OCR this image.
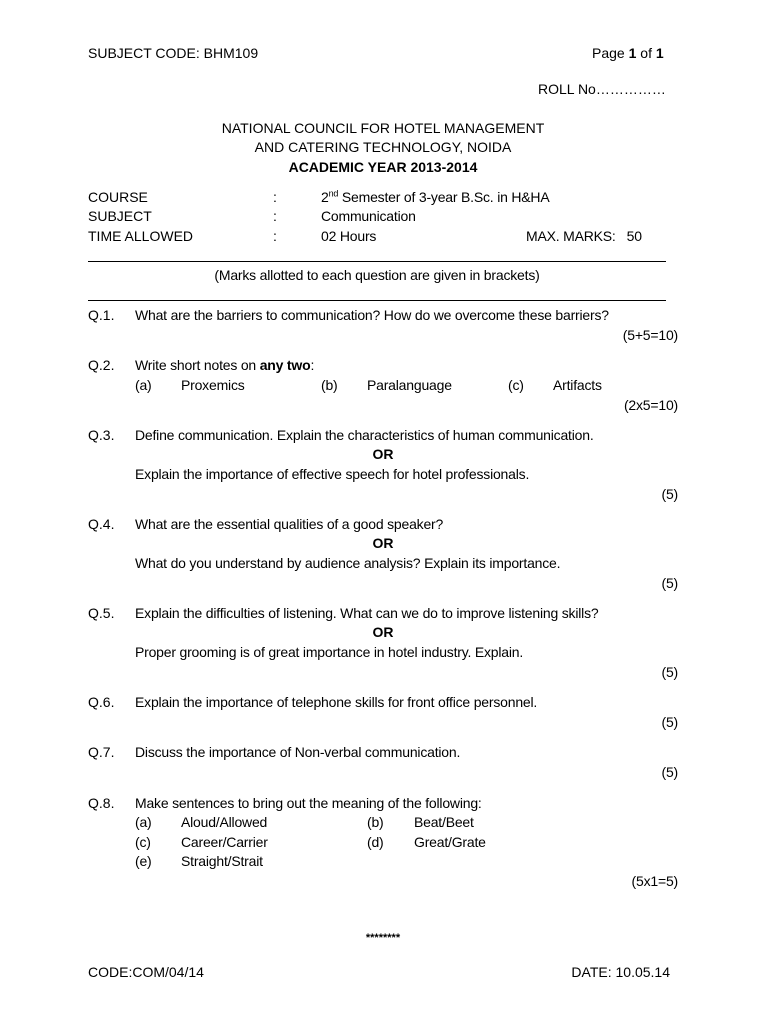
SUBJECT CODE: BHM109	Page 1 of 1
ROLL No……………
NATIONAL COUNCIL FOR HOTEL MANAGEMENT
AND CATERING TECHNOLOGY, NOIDA
ACADEMIC YEAR 2013-2014
COURSE	:	2nd Semester of 3-year B.Sc. in H&HA
SUBJECT	:	Communication
TIME ALLOWED	:	02 Hours	MAX. MARKS:   50
(Marks allotted to each question are given in brackets)
Q.1. What are the barriers to communication? How do we overcome these barriers?
(5+5=10)
Q.2. Write short notes on any two:
(a) Proxemics	(b) Paralanguage	(c) Artifacts
(2x5=10)
Q.3. Define communication. Explain the characteristics of human communication.
OR
Explain the importance of effective speech for hotel professionals.
(5)
Q.4. What are the essential qualities of a good speaker?
OR
What do you understand by audience analysis? Explain its importance.
(5)
Q.5. Explain the difficulties of listening. What can we do to improve listening skills?
OR
Proper grooming is of great importance in hotel industry. Explain.
(5)
Q.6. Explain the importance of telephone skills for front office personnel.
(5)
Q.7. Discuss the importance of Non-verbal communication.
(5)
Q.8. Make sentences to bring out the meaning of the following:
(a) Aloud/Allowed	(b) Beat/Beet
(c) Career/Carrier	(d) Great/Grate
(e) Straight/Strait
(5x1=5)
********
CODE:COM/04/14	DATE: 10.05.14
